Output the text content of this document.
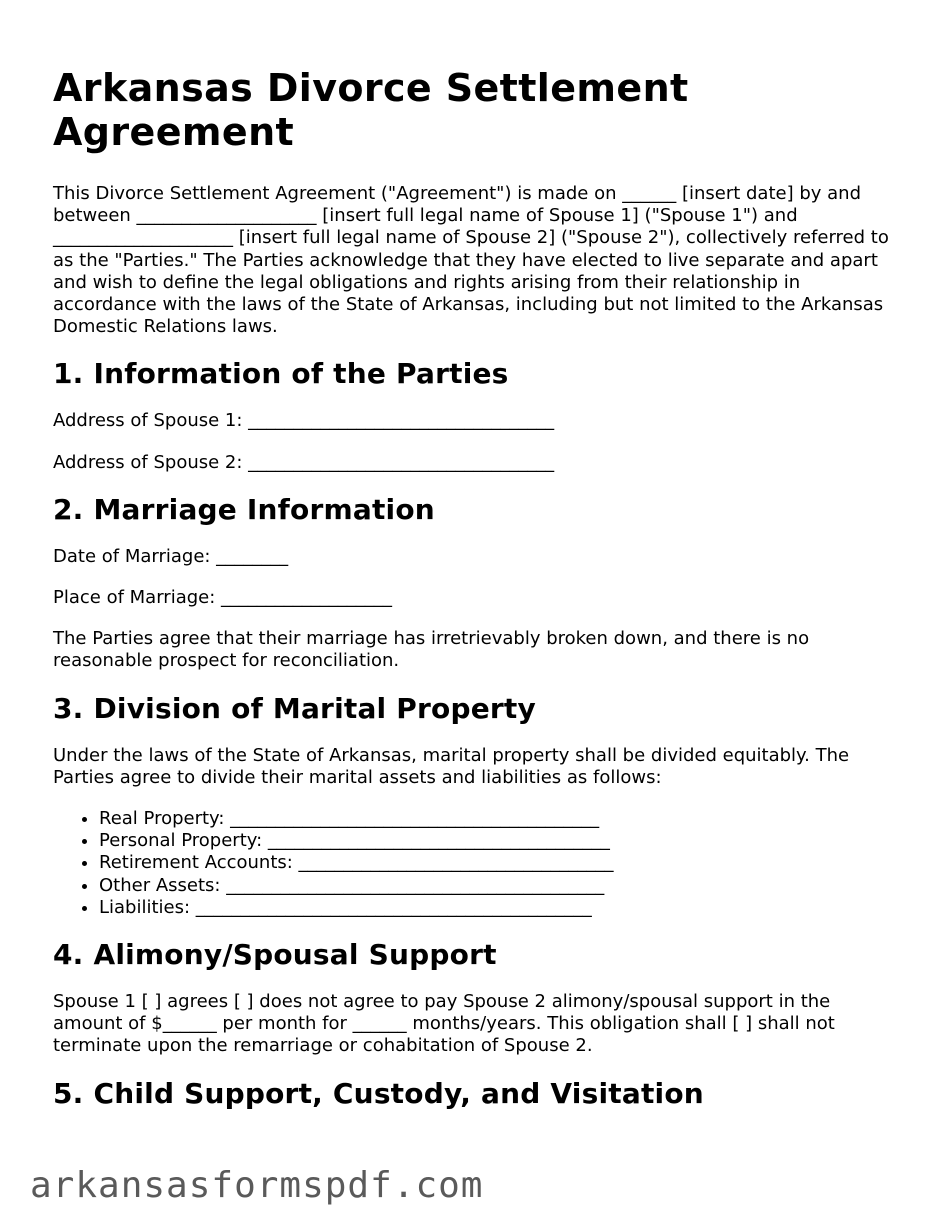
Arkansas Divorce Settlement Agreement

This Divorce Settlement Agreement ("Agreement") is made on ______ [insert date] by and between ____________________ [insert full legal name of Spouse 1] ("Spouse 1") and ____________________ [insert full legal name of Spouse 2] ("Spouse 2"), collectively referred to as the "Parties." The Parties acknowledge that they have elected to live separate and apart and wish to define the legal obligations and rights arising from their relationship in accordance with the laws of the State of Arkansas, including but not limited to the Arkansas Domestic Relations laws.

1. Information of the Parties

Address of Spouse 1: __________________________________

Address of Spouse 2: __________________________________

2. Marriage Information

Date of Marriage: ________

Place of Marriage: ___________________

The Parties agree that their marriage has irretrievably broken down, and there is no reasonable prospect for reconciliation.

3. Division of Marital Property

Under the laws of the State of Arkansas, marital property shall be divided equitably. The Parties agree to divide their marital assets and liabilities as follows:

• Real Property: _________________________________________
• Personal Property: ______________________________________
• Retirement Accounts: ___________________________________
• Other Assets: __________________________________________
• Liabilities: ____________________________________________
4. Alimony/Spousal Support

Spouse 1 [ ] agrees [ ] does not agree to pay Spouse 2 alimony/spousal support in the amount of $______ per month for ______ months/years. This obligation shall [ ] shall not terminate upon the remarriage or cohabitation of Spouse 2.

5. Child Support, Custody, and Visitation
arkansasformspdf.com
